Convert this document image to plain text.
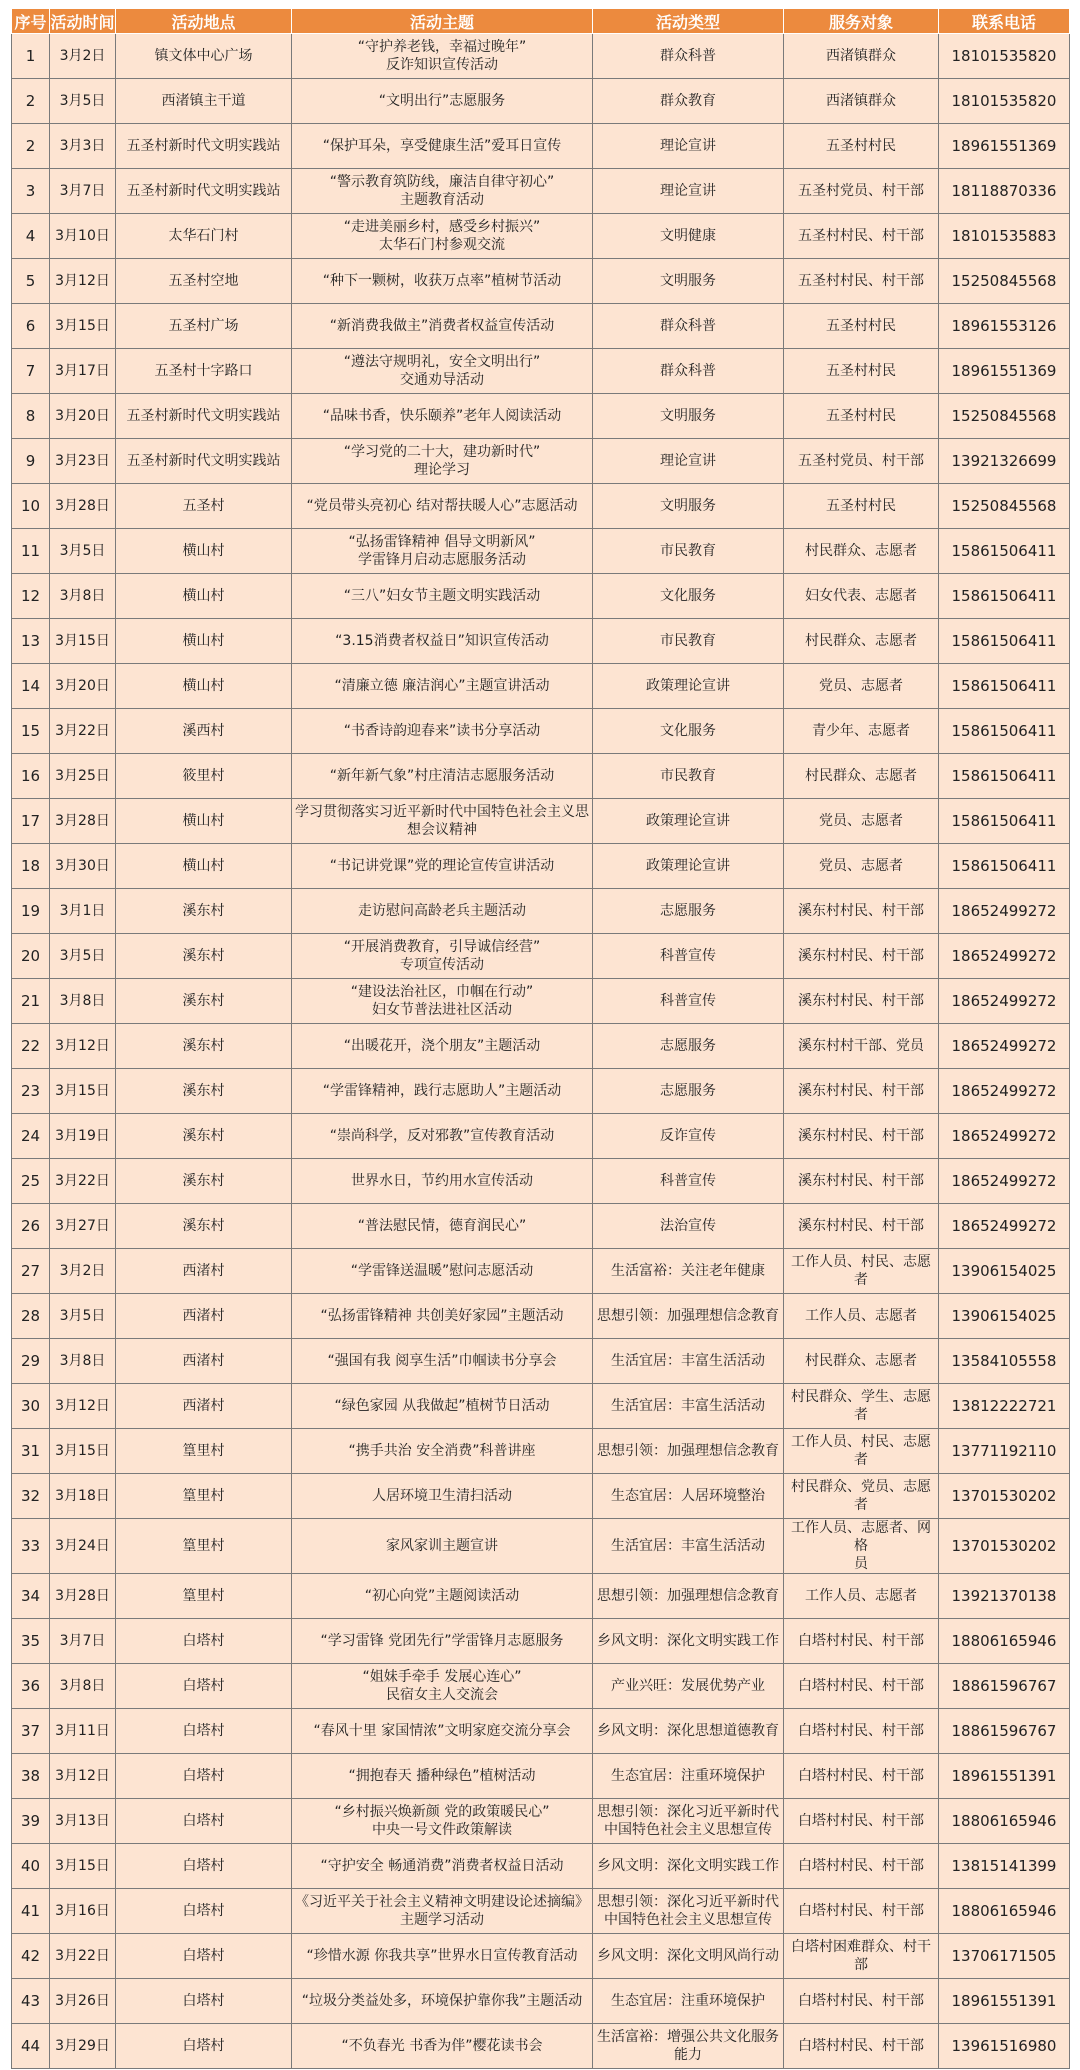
序号	活动时间	活动地点	活动主题	活动类型	服务对象	联系电话
1	3月2日	镇文体中心广场	“守护养老钱，幸福过晚年”
反诈知识宣传活动	群众科普	西渚镇群众	18101535820
2	3月5日	西渚镇主干道	“文明出行”志愿服务	群众教育	西渚镇群众	18101535820
2	3月3日	五圣村新时代文明实践站	“保护耳朵，享受健康生活”爱耳日宣传	理论宣讲	五圣村村民	18961551369
3	3月7日	五圣村新时代文明实践站	“警示教育筑防线，廉洁自律守初心”
主题教育活动	理论宣讲	五圣村党员、村干部	18118870336
4	3月10日	太华石门村	“走进美丽乡村，感受乡村振兴”
太华石门村参观交流	文明健康	五圣村村民、村干部	18101535883
5	3月12日	五圣村空地	“种下一颗树，收获万点率”植树节活动	文明服务	五圣村村民、村干部	15250845568
6	3月15日	五圣村广场	“新消费我做主”消费者权益宣传活动	群众科普	五圣村村民	18961553126
7	3月17日	五圣村十字路口	“遵法守规明礼，安全文明出行”
交通劝导活动	群众科普	五圣村村民	18961551369
8	3月20日	五圣村新时代文明实践站	“品味书香，快乐颐养”老年人阅读活动	文明服务	五圣村村民	15250845568
9	3月23日	五圣村新时代文明实践站	“学习党的二十大，建功新时代”
理论学习	理论宣讲	五圣村党员、村干部	13921326699
10	3月28日	五圣村	“党员带头亮初心 结对帮扶暖人心”志愿活动	文明服务	五圣村村民	15250845568
11	3月5日	横山村	“弘扬雷锋精神 倡导文明新风”
学雷锋月启动志愿服务活动	市民教育	村民群众、志愿者	15861506411
12	3月8日	横山村	“三八”妇女节主题文明实践活动	文化服务	妇女代表、志愿者	15861506411
13	3月15日	横山村	“3.15消费者权益日”知识宣传活动	市民教育	村民群众、志愿者	15861506411
14	3月20日	横山村	“清廉立德 廉洁润心”主题宣讲活动	政策理论宣讲	党员、志愿者	15861506411
15	3月22日	溪西村	“书香诗韵迎春来”读书分享活动	文化服务	青少年、志愿者	15861506411
16	3月25日	筱里村	“新年新气象”村庄清洁志愿服务活动	市民教育	村民群众、志愿者	15861506411
17	3月28日	横山村	学习贯彻落实习近平新时代中国特色社会主义思
想会议精神	政策理论宣讲	党员、志愿者	15861506411
18	3月30日	横山村	“书记讲党课”党的理论宣传宣讲活动	政策理论宣讲	党员、志愿者	15861506411
19	3月1日	溪东村	走访慰问高龄老兵主题活动	志愿服务	溪东村村民、村干部	18652499272
20	3月5日	溪东村	“开展消费教育，引导诚信经营”
专项宣传活动	科普宣传	溪东村村民、村干部	18652499272
21	3月8日	溪东村	“建设法治社区，巾帼在行动”
妇女节普法进社区活动	科普宣传	溪东村村民、村干部	18652499272
22	3月12日	溪东村	“出暖花开，浇个朋友”主题活动	志愿服务	溪东村村干部、党员	18652499272
23	3月15日	溪东村	“学雷锋精神，践行志愿助人”主题活动	志愿服务	溪东村村民、村干部	18652499272
24	3月19日	溪东村	“崇尚科学，反对邪教”宣传教育活动	反诈宣传	溪东村村民、村干部	18652499272
25	3月22日	溪东村	世界水日，节约用水宣传活动	科普宣传	溪东村村民、村干部	18652499272
26	3月27日	溪东村	“普法慰民情，德育润民心”	法治宣传	溪东村村民、村干部	18652499272
27	3月2日	西渚村	“学雷锋送温暖”慰问志愿活动	生活富裕：关注老年健康	工作人员、村民、志愿者	13906154025
28	3月5日	西渚村	“弘扬雷锋精神 共创美好家园”主题活动	思想引领：加强理想信念教育	工作人员、志愿者	13906154025
29	3月8日	西渚村	“强国有我 阅享生活”巾帼读书分享会	生活宜居：丰富生活活动	村民群众、志愿者	13584105558
30	3月12日	西渚村	“绿色家园 从我做起”植树节日活动	生活宜居：丰富生活活动	村民群众、学生、志愿者	13812222721
31	3月15日	篁里村	“携手共治 安全消费”科普讲座	思想引领：加强理想信念教育	工作人员、村民、志愿者	13771192110
32	3月18日	篁里村	人居环境卫生清扫活动	生态宜居：人居环境整治	村民群众、党员、志愿者	13701530202
33	3月24日	篁里村	家风家训主题宣讲	生活宜居：丰富生活活动	工作人员、志愿者、网格
员	13701530202
34	3月28日	篁里村	“初心向党”主题阅读活动	思想引领：加强理想信念教育	工作人员、志愿者	13921370138
35	3月7日	白塔村	“学习雷锋 党团先行”学雷锋月志愿服务	乡风文明：深化文明实践工作	白塔村村民、村干部	18806165946
36	3月8日	白塔村	“姐妹手牵手 发展心连心”
民宿女主人交流会	产业兴旺：发展优势产业	白塔村村民、村干部	18861596767
37	3月11日	白塔村	“春风十里 家国情浓”文明家庭交流分享会	乡风文明：深化思想道德教育	白塔村村民、村干部	18861596767
38	3月12日	白塔村	“拥抱春天 播种绿色”植树活动	生态宜居：注重环境保护	白塔村村民、村干部	18961551391
39	3月13日	白塔村	“乡村振兴焕新颜 党的政策暖民心”
中央一号文件政策解读	思想引领：深化习近平新时代
中国特色社会主义思想宣传	白塔村村民、村干部	18806165946
40	3月15日	白塔村	“守护安全 畅通消费”消费者权益日活动	乡风文明：深化文明实践工作	白塔村村民、村干部	13815141399
41	3月16日	白塔村	《习近平关于社会主义精神文明建设论述摘编》
主题学习活动	思想引领：深化习近平新时代
中国特色社会主义思想宣传	白塔村村民、村干部	18806165946
42	3月22日	白塔村	“珍惜水源 你我共享”世界水日宣传教育活动	乡风文明：深化文明风尚行动	白塔村困难群众、村干部	13706171505
43	3月26日	白塔村	“垃圾分类益处多，环境保护靠你我”主题活动	生态宜居：注重环境保护	白塔村村民、村干部	18961551391
44	3月29日	白塔村	“不负春光 书香为伴”樱花读书会	生活富裕：增强公共文化服务
能力	白塔村村民、村干部	13961516980
